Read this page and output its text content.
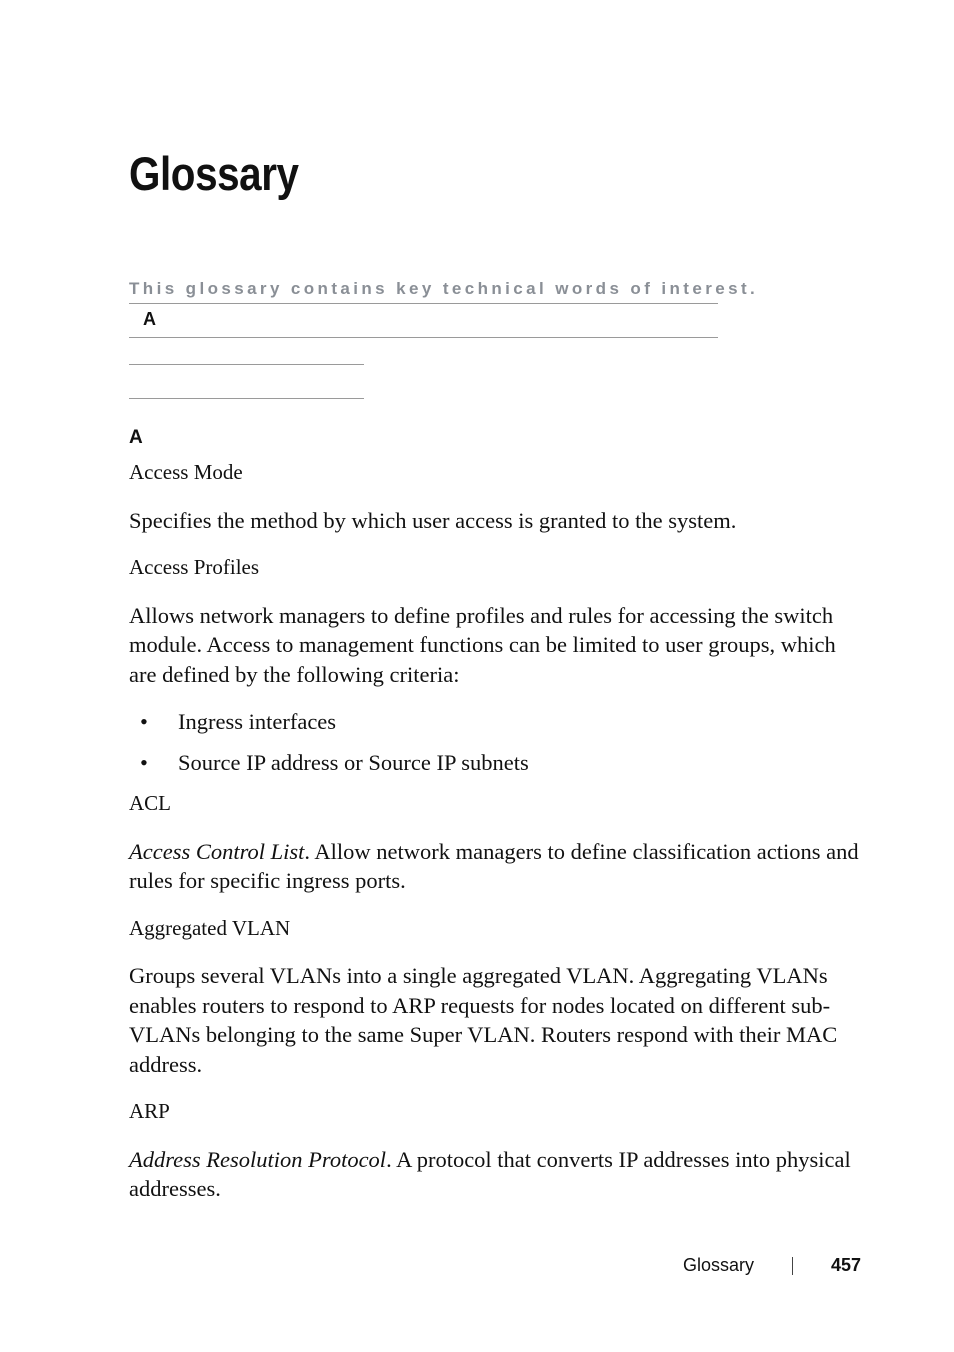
Glossary

This glossary contains key technical words of interest.

A
A
Access Mode

Specifies the method by which user access is granted to the system.

Access Profiles

Allows network managers to define profiles and rules for accessing the switch module. Access to management functions can be limited to user groups, which are defined by the following criteria:

• Ingress interfaces
• Source IP address or Source IP subnets
ACL

Access Control List. Allow network managers to define classification actions and rules for specific ingress ports.

Aggregated VLAN

Groups several VLANs into a single aggregated VLAN. Aggregating VLANs enables routers to respond to ARP requests for nodes located on different sub-VLANs belonging to the same Super VLAN. Routers respond with their MAC address.

ARP

Address Resolution Protocol. A protocol that converts IP addresses into physical addresses.

Glossary	457
